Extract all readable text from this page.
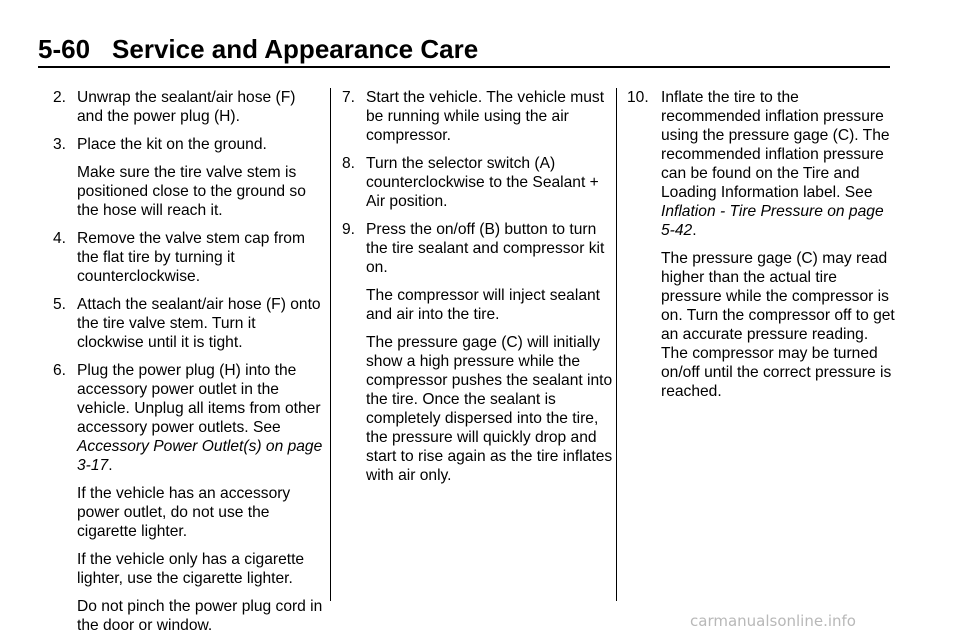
5-60 Service and Appearance Care
2. Unwrap the sealant/air hose (F) and the power plug (H).
3. Place the kit on the ground.
Make sure the tire valve stem is positioned close to the ground so the hose will reach it.
4. Remove the valve stem cap from the flat tire by turning it counterclockwise.
5. Attach the sealant/air hose (F) onto the tire valve stem. Turn it clockwise until it is tight.
6. Plug the power plug (H) into the accessory power outlet in the vehicle. Unplug all items from other accessory power outlets. See Accessory Power Outlet(s) on page 3-17.
If the vehicle has an accessory power outlet, do not use the cigarette lighter.
If the vehicle only has a cigarette lighter, use the cigarette lighter.
Do not pinch the power plug cord in the door or window.
7. Start the vehicle. The vehicle must be running while using the air compressor.
8. Turn the selector switch (A) counterclockwise to the Sealant + Air position.
9. Press the on/off (B) button to turn the tire sealant and compressor kit on.
The compressor will inject sealant and air into the tire.
The pressure gage (C) will initially show a high pressure while the compressor pushes the sealant into the tire. Once the sealant is completely dispersed into the tire, the pressure will quickly drop and start to rise again as the tire inflates with air only.
10. Inflate the tire to the recommended inflation pressure using the pressure gage (C). The recommended inflation pressure can be found on the Tire and Loading Information label. See Inflation - Tire Pressure on page 5-42.
The pressure gage (C) may read higher than the actual tire pressure while the compressor is on. Turn the compressor off to get an accurate pressure reading. The compressor may be turned on/off until the correct pressure is reached.
carmanualsonline.info
